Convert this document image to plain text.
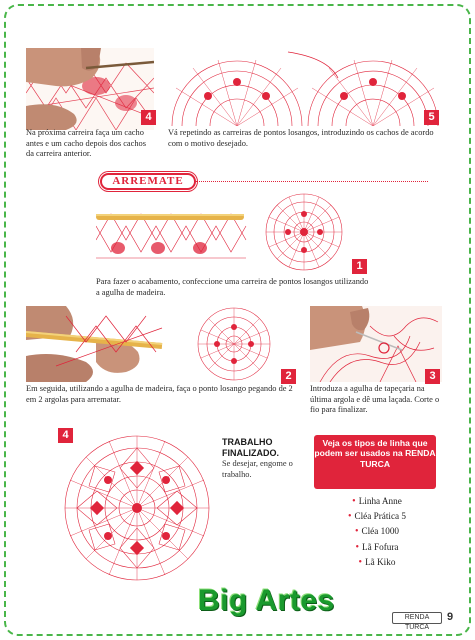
4
Na próxima carreira faça um cacho antes e um cacho depois dos cachos da carreira anterior.
5
Vá repetindo as carreiras de pontos losangos, introduzindo os cachos de acordo com o motivo desejado.
ARREMATE
1
Para fazer o acabamento, confeccione uma carreira de pontos losangos utilizando a agulha de madeira.
2
Em seguida, utilizando a agulha de madeira, faça o ponto losango pegando de 2 em 2 argolas para arrematar.
3
Introduza a agulha de tapeçaria na última argola e dê uma laçada. Corte o fio para finalizar.
4
TRABALHO FINALIZADO.
Se desejar, engome o trabalho.
Veja os tipos de linha que podem ser usados na RENDA TURCA
• Linha Anne
• Cléa Prática 5
• Cléa 1000
• Lã Fofura
• Lã Kiko
Big Artes
RENDA TURCA
9
